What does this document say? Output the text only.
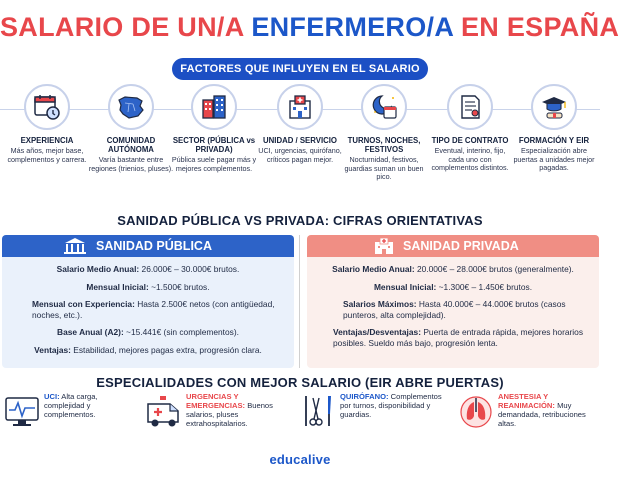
SALARIO DE UN/A ENFERMERO/A EN ESPAÑA
FACTORES QUE INFLUYEN EN EL SALARIO
EXPERIENCIA
Más años, mejor base, complementos y carrera.
COMUNIDAD AUTÓNOMA
Varía bastante entre regiones (trienios, pluses).
SECTOR (PÚBLICA vs PRIVADA)
Pública suele pagar más y mejores complementos.
UNIDAD / SERVICIO
UCI, urgencias, quirófano, críticos pagan mejor.
TURNOS, NOCHES, FESTIVOS
Nocturnidad, festivos, guardias suman un buen pico.
TIPO DE CONTRATO
Eventual, interino, fijo, cada uno con complementos distintos.
FORMACIÓN Y EIR
Especialización abre puertas a unidades mejor pagadas.
SANIDAD PÚBLICA VS PRIVADA: CIFRAS ORIENTATIVAS
SANIDAD PÚBLICA
Salario Medio Anual: 26.000€ – 30.000€ brutos.
Mensual Inicial: ~1.500€ brutos.
Mensual con Experiencia: Hasta 2.500€ netos (con antigüedad, noches, etc.).
Base Anual (A2): ~15.441€ (sin complementos).
Ventajas: Estabilidad, mejores pagas extra, progresión clara.
SANIDAD PRIVADA
Salario Medio Anual: 20.000€ – 28.000€ brutos (generalmente).
Mensual Inicial: ~1.300€ – 1.450€ brutos.
Salarios Máximos: Hasta 40.000€ – 44.000€ brutos (casos punteros, alta complejidad).
Ventajas/Desventajas: Puerta de entrada rápida, mejores horarios posibles. Sueldo más bajo, progresión lenta.
ESPECIALIDADES CON MEJOR SALARIO (EIR ABRE PUERTAS)
UCI: Alta carga, complejidad y complementos.
URGENCIAS Y EMERGENCIAS: Buenos salarios, pluses extrahospitalarios.
QUIRÓFANO: Complementos por turnos, disponibilidad y guardias.
ANESTESIA Y REANIMACIÓN: Muy demandada, retribuciones altas.
educalive
